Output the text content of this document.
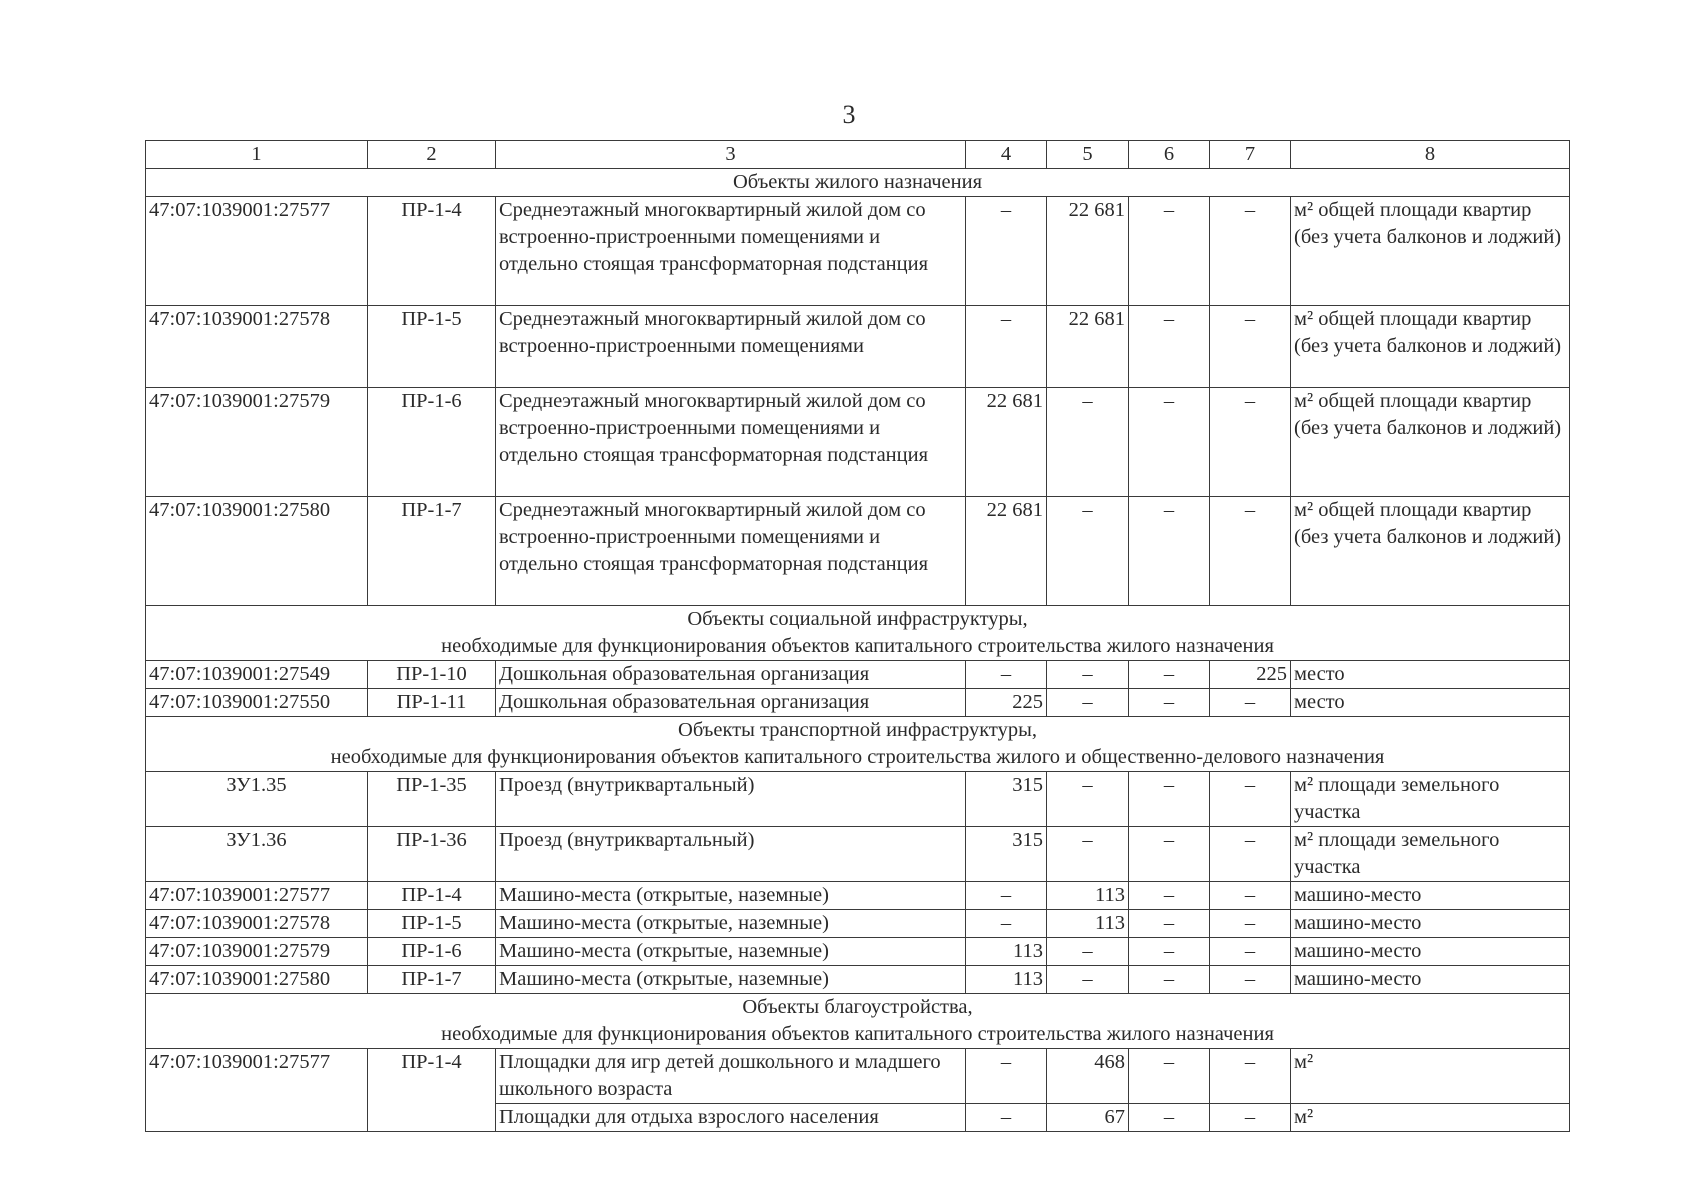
3
1	2	3	4	5	6	7	8
Объекты жилого назначения							
47:07:1039001:27577	ПР-1-4	Среднеэтажный многоквартирный жилой дом со встроенно-пристроенными помещениями и отдельно стоящая трансформаторная подстанция	–	22 681	–	–	м² общей площади квартир (без учета балконов и лоджий)
47:07:1039001:27578	ПР-1-5	Среднеэтажный многоквартирный жилой дом со встроенно-пристроенными помещениями	–	22 681	–	–	м² общей площади квартир (без учета балконов и лоджий)
47:07:1039001:27579	ПР-1-6	Среднеэтажный многоквартирный жилой дом со встроенно-пристроенными помещениями и отдельно стоящая трансформаторная подстанция	22 681	–	–	–	м² общей площади квартир (без учета балконов и лоджий)
47:07:1039001:27580	ПР-1-7	Среднеэтажный многоквартирный жилой дом со встроенно-пристроенными помещениями и отдельно стоящая трансформаторная подстанция	22 681	–	–	–	м² общей площади квартир (без учета балконов и лоджий)

Объекты социальной инфраструктуры,
необходимые для функционирования объектов капитального строительства жилого назначения							

47:07:1039001:27549	ПР-1-10	Дошкольная образовательная организация	–	–	–	225	место
47:07:1039001:27550	ПР-1-11	Дошкольная образовательная организация	225	–	–	–	место

Объекты транспортной инфраструктуры,
необходимые для функционирования объектов капитального строительства жилого и общественно-делового назначения							

ЗУ1.35	ПР-1-35	Проезд (внутриквартальный)	315	–	–	–	м² площади земельного участка
ЗУ1.36	ПР-1-36	Проезд (внутриквартальный)	315	–	–	–	м² площади земельного участка
47:07:1039001:27577	ПР-1-4	Машино-места (открытые, наземные)	–	113	–	–	машино-место
47:07:1039001:27578	ПР-1-5	Машино-места (открытые, наземные)	–	113	–	–	машино-место
47:07:1039001:27579	ПР-1-6	Машино-места (открытые, наземные)	113	–	–	–	машино-место
47:07:1039001:27580	ПР-1-7	Машино-места (открытые, наземные)	113	–	–	–	машино-место

Объекты благоустройства,
необходимые для функционирования объектов капитального строительства жилого назначения							

47:07:1039001:27577	ПР-1-4	Площадки для игр детей дошкольного и младшего школьного возраста	–	468	–	–	м²
		Площадки для отдыха взрослого населения	–	67	–	–	м²
